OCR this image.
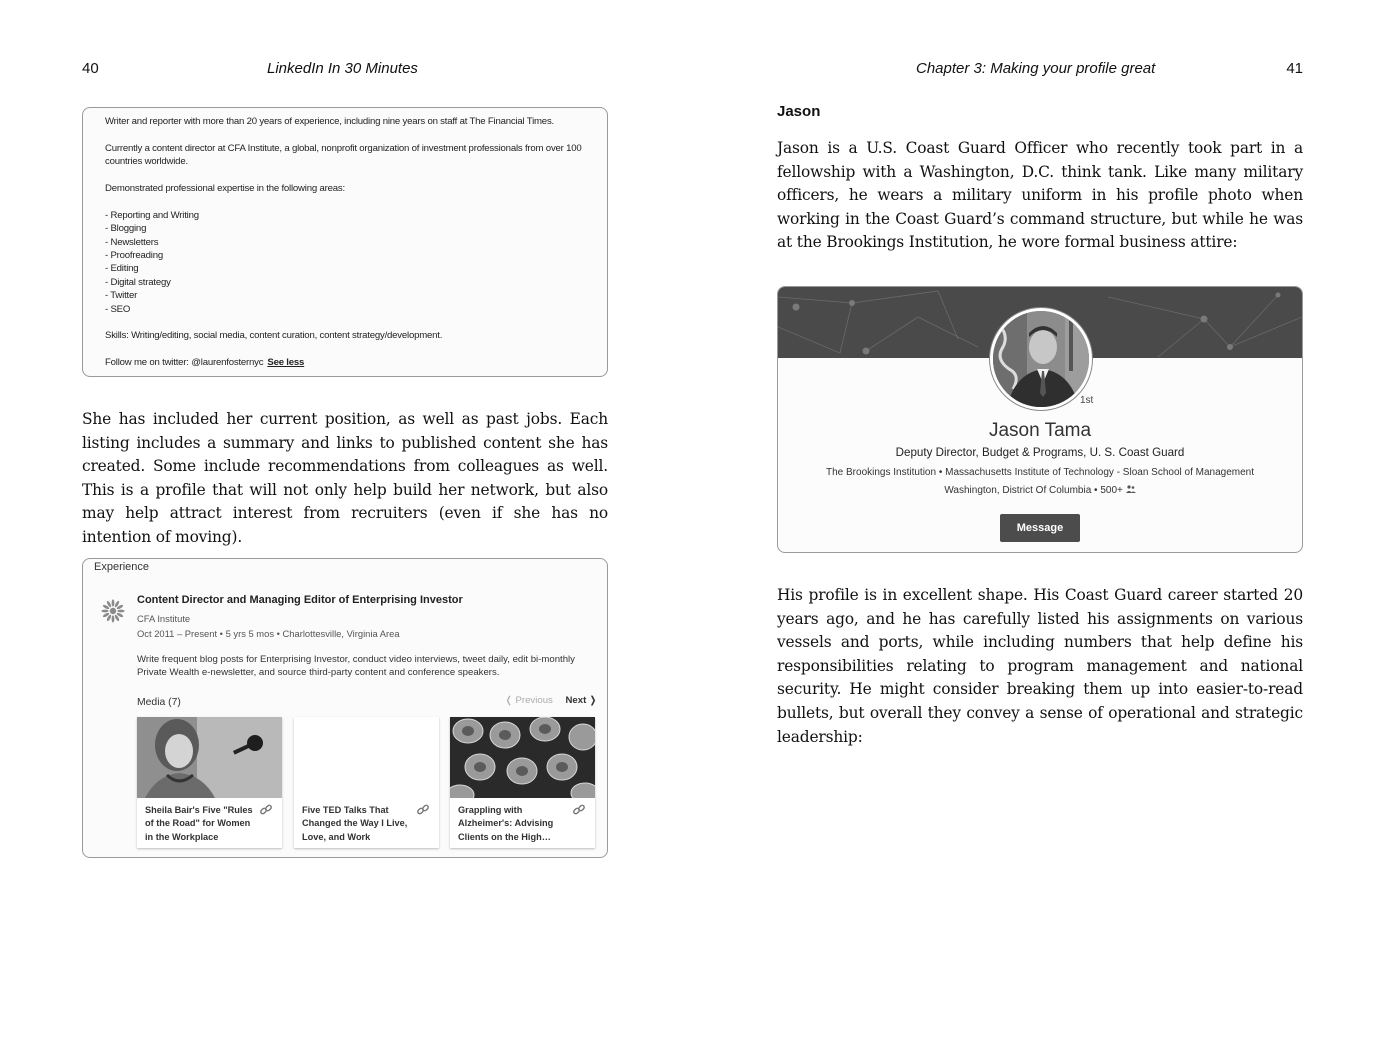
40	LinkedIn In 30 Minutes

Writer and reporter with more than 20 years of experience, including nine years on staff at The Financial Times.

Currently a content director at CFA Institute, a global, nonprofit organization of investment professionals from over 100 countries worldwide.

Demonstrated professional expertise in the following areas:

- Reporting and Writing
- Blogging
- Newsletters
- Proofreading
- Editing
- Digital strategy
- Twitter
- SEO

Skills: Writing/editing, social media, content curation, content strategy/development.

Follow me on twitter: @laurenfosternyc See less

She has included her current position, as well as past jobs. Each listing includes a summary and links to published content she has created. Some include recommendations from colleagues as well. This is a profile that will not only help build her network, but also may help attract interest from recruiters (even if she has no intention of moving).

Experience
Content Director and Managing Editor of Enterprising Investor
CFA Institute
Oct 2011 – Present • 5 yrs 5 mos • Charlottesville, Virginia Area
Write frequent blog posts for Enterprising Investor, conduct video interviews, tweet daily, edit bi-monthly Private Wealth e-newsletter, and source third-party content and conference speakers.
Media (7)	❬ Previous Next ❭
Sheila Bair's Five "Rules of the Road" for Women in the Workplace
Five TED Talks That Changed the Way I Live, Love, and Work
Grappling with Alzheimer's: Advising Clients on the High…
Chapter 3: Making your profile great	41
Jason

Jason is a U.S. Coast Guard Officer who recently took part in a fellowship with a Washington, D.C. think tank. Like many military officers, he wears a military uniform in his profile photo when working in the Coast Guard’s command structure, but while he was at the Brookings Institution, he wore formal business attire:

1st
Jason Tama
Deputy Director, Budget & Programs, U. S. Coast Guard
The Brookings Institution • Massachusetts Institute of Technology - Sloan School of Management
Washington, District Of Columbia • 500+
Message

His profile is in excellent shape. His Coast Guard career started 20 years ago, and he has carefully listed his assignments on various vessels and ports, while including numbers that help define his responsibilities relating to program management and national security. He might consider breaking them up into easier-to-read bullets, but overall they convey a sense of operational and strategic leadership:
